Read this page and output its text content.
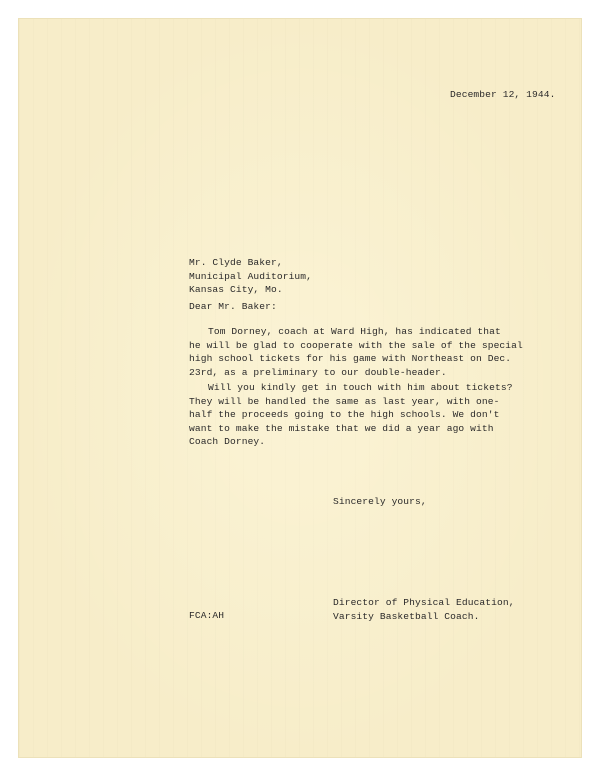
December 12, 1944.
Mr. Clyde Baker,
Municipal Auditorium,
Kansas City, Mo.
Dear Mr. Baker:
Tom Dorney, coach at Ward High, has indicated that
he will be glad to cooperate with the sale of the special
high school tickets for his game with Northeast on Dec.
23rd, as a preliminary to our double-header.
Will you kindly get in touch with him about tickets?
They will be handled the same as last year, with one-
half the proceeds going to the high schools. We don't
want to make the mistake that we did a year ago with
Coach Dorney.
Sincerely yours,
Director of Physical Education,
Varsity Basketball Coach.
FCA:AH
